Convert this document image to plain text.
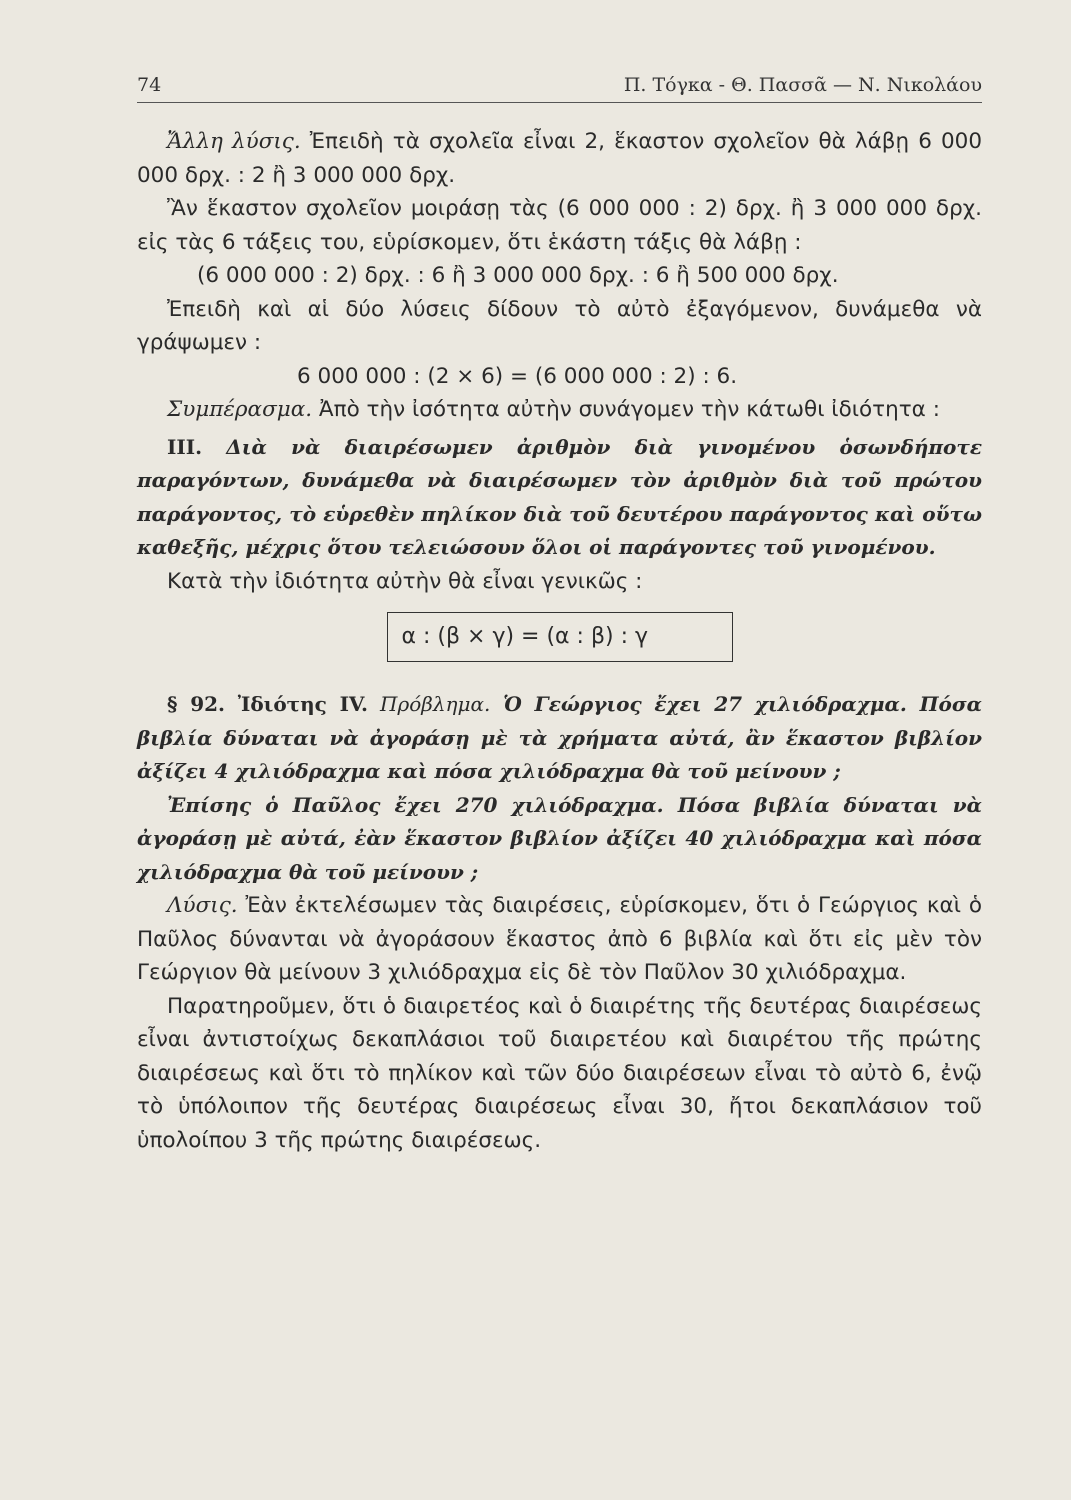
74	Π. Τόγκα - Θ. Πασσᾶ — Ν. Νικολάου

Ἄλλη λύσις. Ἐπειδὴ τὰ σχολεῖα εἶναι 2, ἕκαστον σχολεῖον θὰ λάβῃ 6 000 000 δρχ. : 2 ἢ 3 000 000 δρχ.

Ἂν ἕκαστον σχολεῖον μοιράσῃ τὰς (6 000 000 : 2) δρχ. ἢ 3 000 000 δρχ. εἰς τὰς 6 τάξεις του, εὑρίσκομεν, ὅτι ἑκάστη τάξις θὰ λάβῃ :

(6 000 000 : 2) δρχ. : 6 ἢ 3 000 000 δρχ. : 6 ἢ 500 000 δρχ.

Ἐπειδὴ καὶ αἱ δύο λύσεις δίδουν τὸ αὐτὸ ἐξαγόμενον, δυνάμεθα νὰ γράψωμεν :

6 000 000 : (2 × 6) = (6 000 000 : 2) : 6.

Συμπέρασμα. Ἀπὸ τὴν ἰσότητα αὐτὴν συνάγομεν τὴν κάτωθι ἰδιότητα :

III. Διὰ νὰ διαιρέσωμεν ἀριθμὸν διὰ γινομένου ὁσωνδήποτε παραγόντων, δυνάμεθα νὰ διαιρέσωμεν τὸν ἀριθμὸν διὰ τοῦ πρώτου παράγοντος, τὸ εὑρεθὲν πηλίκον διὰ τοῦ δευτέρου παράγοντος καὶ οὕτω καθεξῆς, μέχρις ὅτου τελειώσουν ὅλοι οἱ παράγοντες τοῦ γινομένου.

Κατὰ τὴν ἰδιότητα αὐτὴν θὰ εἶναι γενικῶς :

α : (β × γ) = (α : β) : γ

§ 92. Ἰδιότης IV. Πρόβλημα. Ὁ Γεώργιος ἔχει 27 χιλιόδραχμα. Πόσα βιβλία δύναται νὰ ἀγοράσῃ μὲ τὰ χρήματα αὐτά, ἂν ἕκαστον βιβλίον ἀξίζει 4 χιλιόδραχμα καὶ πόσα χιλιόδραχμα θὰ τοῦ μείνουν ;

Ἐπίσης ὁ Παῦλος ἔχει 270 χιλιόδραχμα. Πόσα βιβλία δύναται νὰ ἀγοράσῃ μὲ αὐτά, ἐὰν ἕκαστον βιβλίον ἀξίζει 40 χιλιόδραχμα καὶ πόσα χιλιόδραχμα θὰ τοῦ μείνουν ;

Λύσις. Ἐὰν ἐκτελέσωμεν τὰς διαιρέσεις, εὑρίσκομεν, ὅτι ὁ Γεώργιος καὶ ὁ Παῦλος δύνανται νὰ ἀγοράσουν ἕκαστος ἀπὸ 6 βιβλία καὶ ὅτι εἰς μὲν τὸν Γεώργιον θὰ μείνουν 3 χιλιόδραχμα εἰς δὲ τὸν Παῦλον 30 χιλιόδραχμα.

Παρατηροῦμεν, ὅτι ὁ διαιρετέος καὶ ὁ διαιρέτης τῆς δευτέρας διαιρέσεως εἶναι ἀντιστοίχως δεκαπλάσιοι τοῦ διαιρετέου καὶ διαιρέτου τῆς πρώτης διαιρέσεως καὶ ὅτι τὸ πηλίκον καὶ τῶν δύο διαιρέσεων εἶναι τὸ αὐτὸ 6, ἐνῷ τὸ ὑπόλοιπον τῆς δευτέρας διαιρέσεως εἶναι 30, ἤτοι δεκαπλάσιον τοῦ ὑπολοίπου 3 τῆς πρώτης διαιρέσεως.
